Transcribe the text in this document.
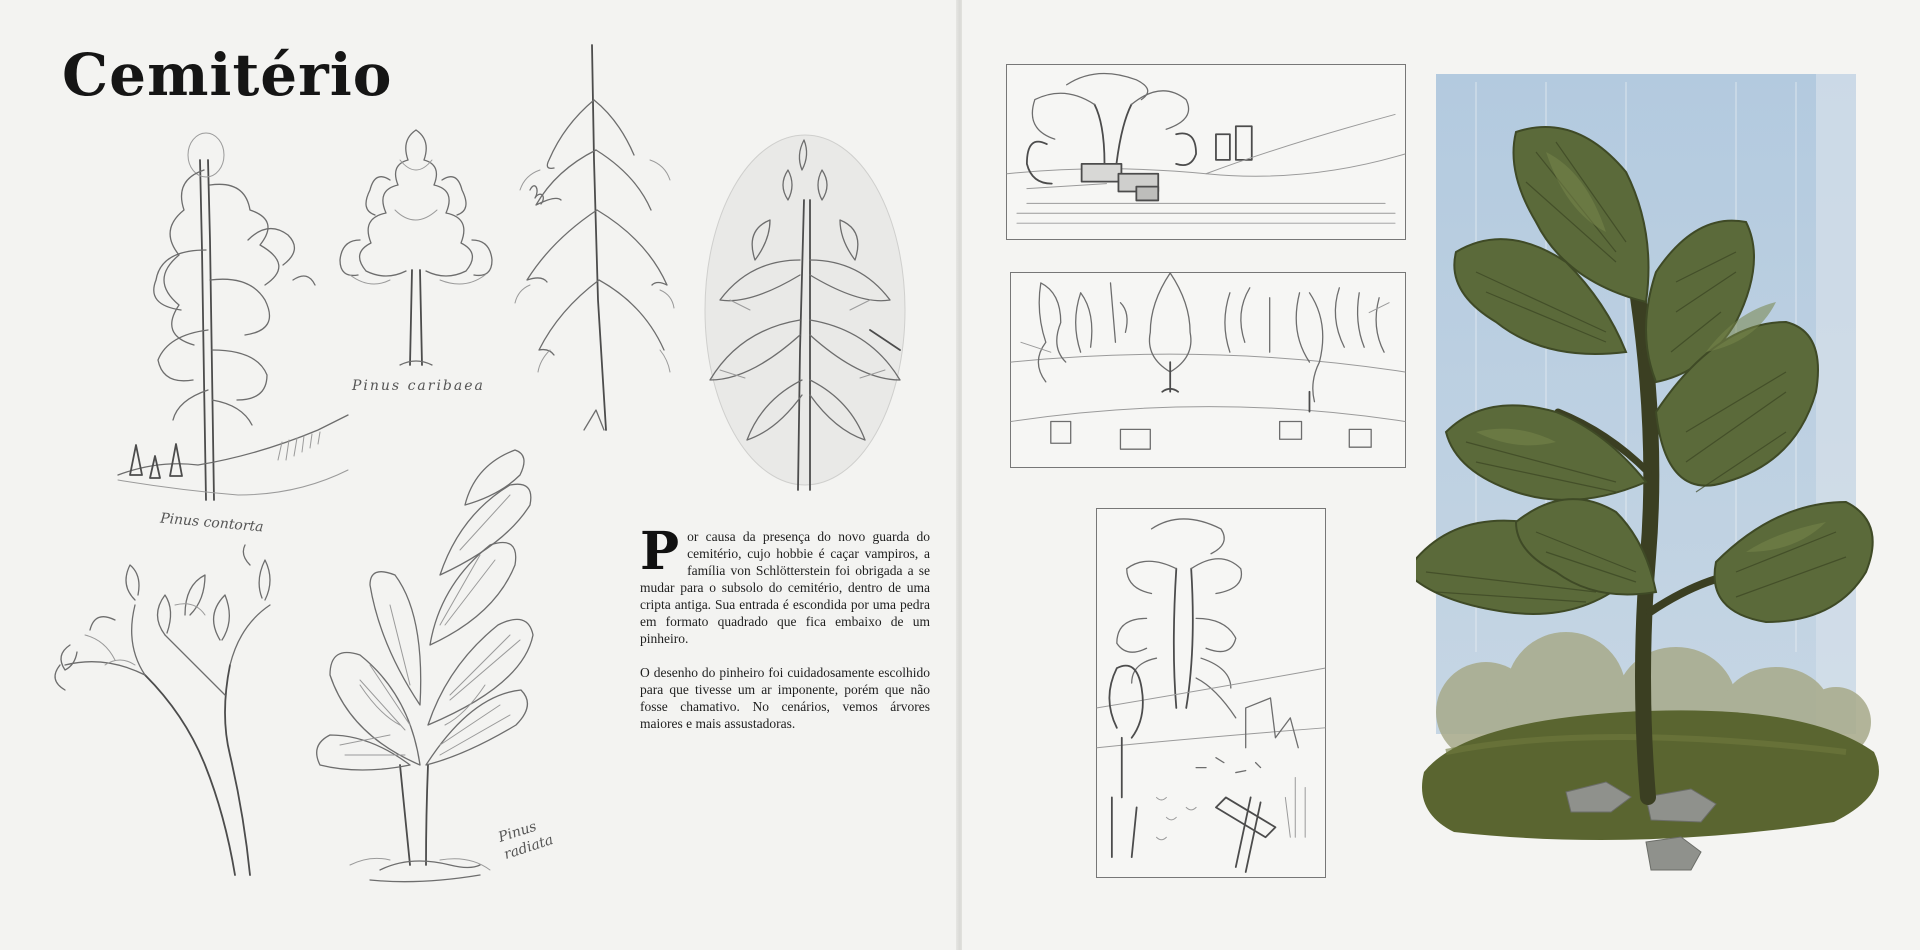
Cemitério
Pinus contorta
Pinus caribaea
Pinus radiata

P or causa da presença do novo guarda do cemitério, cujo hobbie é caçar vampiros, a família von Schlötterstein foi obrigada a se mudar para o subsolo do cemitério, dentro de uma cripta antiga. Sua entrada é escondida por uma pedra em formato quadrado que fica embaixo de um pinheiro.

O desenho do pinheiro foi cuidadosamente escolhido para que tivesse um ar imponente, porém que não fosse chamativo. No cenários, vemos árvores maiores e mais assustadoras.
